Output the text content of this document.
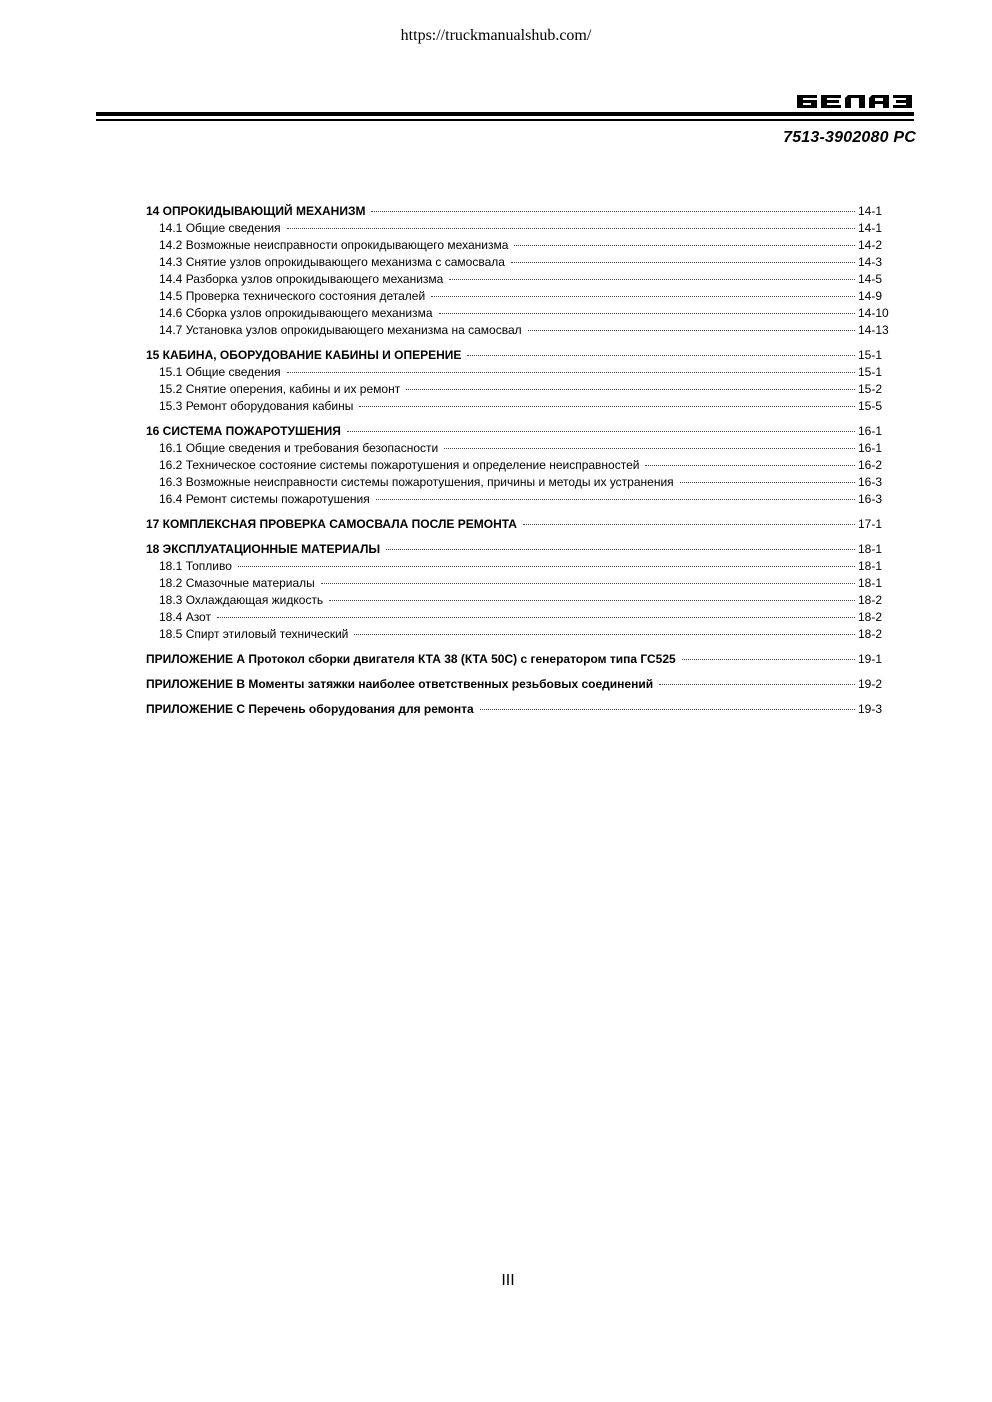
https://truckmanualshub.com/
7513-3902080 РС
14 ОПРОКИДЫВАЮЩИЙ МЕХАНИЗМ	14-1
14.1 Общие сведения	14-1
14.2 Возможные неисправности опрокидывающего механизма	14-2
14.3 Снятие узлов опрокидывающего механизма с самосвала	14-3
14.4 Разборка узлов опрокидывающего механизма	14-5
14.5 Проверка технического состояния деталей	14-9
14.6 Сборка узлов опрокидывающего механизма	14-10
14.7 Установка узлов опрокидывающего механизма на самосвал	14-13
15 КАБИНА, ОБОРУДОВАНИЕ КАБИНЫ И ОПЕРЕНИЕ	15-1
15.1 Общие сведения	15-1
15.2 Снятие оперения, кабины и их ремонт	15-2
15.3 Ремонт оборудования кабины	15-5
16 СИСТЕМА ПОЖАРОТУШЕНИЯ	16-1
16.1 Общие сведения и требования безопасности	16-1
16.2 Техническое состояние системы пожаротушения и определение неисправностей	16-2
16.3 Возможные неисправности системы пожаротушения, причины и методы их устранения	16-3
16.4 Ремонт системы пожаротушения	16-3
17 КОМПЛЕКСНАЯ ПРОВЕРКА САМОСВАЛА ПОСЛЕ РЕМОНТА	17-1
18 ЭКСПЛУАТАЦИОННЫЕ МАТЕРИАЛЫ	18-1
18.1 Топливо	18-1
18.2 Смазочные материалы	18-1
18.3 Охлаждающая жидкость	18-2
18.4 Азот	18-2
18.5 Спирт этиловый технический	18-2
ПРИЛОЖЕНИЕ А Протокол сборки двигателя КТА 38 (КТА 50С) с генератором типа ГС525	19-1
ПРИЛОЖЕНИЕ В Моменты затяжки наиболее ответственных резьбовых соединений	19-2
ПРИЛОЖЕНИЕ С Перечень оборудования для ремонта	19-3
III
